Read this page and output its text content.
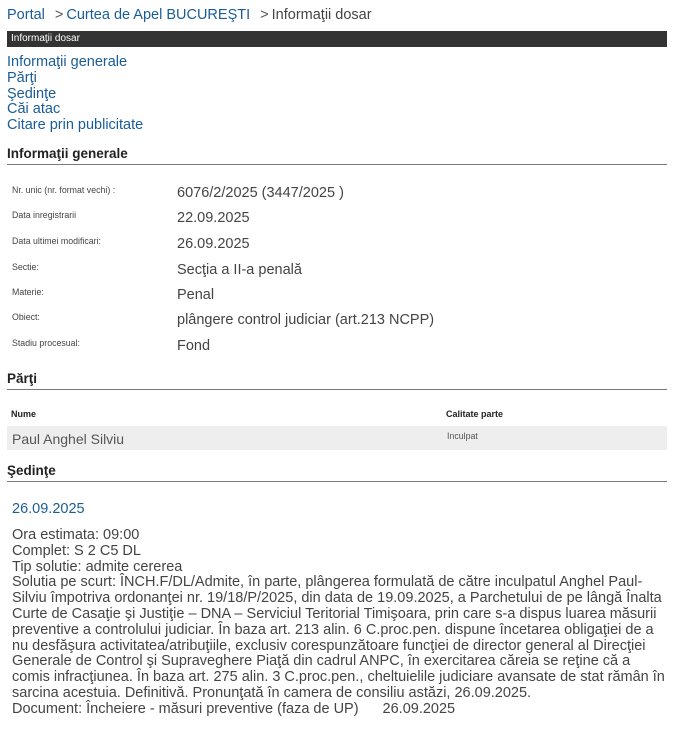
Portal > Curtea de Apel BUCUREŞTI > Informaţii dosar
Informaţii dosar
Informaţii generale
Părţi
Şedinţe
Căi atac
Citare prin publicitate
Informaţii generale
Nr. unic (nr. format vechi) :	6076/2/2025 (3447/2025 )
Data inregistrarii	22.09.2025
Data ultimei modificari:	26.09.2025
Sectie:	Secţia a II-a penală
Materie:	Penal
Obiect:	plângere control judiciar (art.213 NCPP)
Stadiu procesual:	Fond
Părţi
Nume	Calitate parte
Paul Anghel Silviu	Inculpat
Şedinţe
26.09.2025
Ora estimata: 09:00
Complet: S 2 C5 DL
Tip solutie: admite cererea
Solutia pe scurt: ÎNCH.F/DL/Admite, în parte, plângerea formulată de către inculpatul Anghel Paul-Silviu împotriva ordonanţei nr. 19/18/P/2025, din data de 19.09.2025, a Parchetului de pe lângă Înalta Curte de Casaţie şi Justiţie – DNA – Serviciul Teritorial Timişoara, prin care s-a dispus luarea măsurii preventive a controlului judiciar. În baza art. 213 alin. 6 C.proc.pen. dispune încetarea obligaţiei de a nu desfăşura activitatea/atribuţiile, exclusiv corespunzătoare funcţiei de director general al Direcţiei Generale de Control şi Supraveghere Piaţă din cadrul ANPC, în exercitarea căreia se reţine că a comis infracţiunea. În baza art. 275 alin. 3 C.proc.pen., cheltuielile judiciare avansate de stat rămân în sarcina acestuia. Definitivă. Pronunţată în camera de consiliu astăzi, 26.09.2025.
Document: Încheiere - măsuri preventive (faza de UP) 26.09.2025
